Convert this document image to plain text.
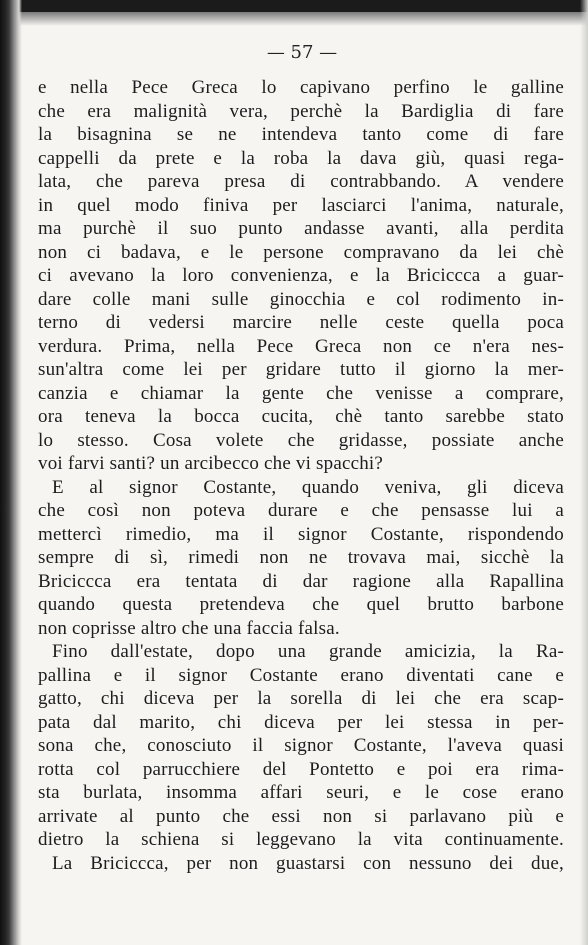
— 57 —
e nella Pece Greca lo capivano perfino le galline
che era malignità vera, perchè la Bardiglia di fare
la bisagnina se ne intendeva tanto come di fare
cappelli da prete e la roba la dava giù, quasi rega-
lata, che pareva presa di contrabbando. A vendere
in quel modo finiva per lasciarci l'anima, naturale,
ma purchè il suo punto andasse avanti, alla perdita
non ci badava, e le persone compravano da lei chè
ci avevano la loro convenienza, e la Briciccca a guar-
dare colle mani sulle ginocchia e col rodimento in-
terno di vedersi marcire nelle ceste quella poca
verdura. Prima, nella Pece Greca non ce n'era nes-
sun'altra come lei per gridare tutto il giorno la mer-
canzia e chiamar la gente che venisse a comprare,
ora teneva la bocca cucita, chè tanto sarebbe stato
lo stesso. Cosa volete che gridasse, possiate anche
voi farvi santi? un arcibecco che vi spacchi?
E al signor Costante, quando veniva, gli diceva
che così non poteva durare e che pensasse lui a
mettercì rimedio, ma il signor Costante, rispondendo
sempre di sì, rimedi non ne trovava mai, sicchè la
Briciccca era tentata di dar ragione alla Rapallina
quando questa pretendeva che quel brutto barbone
non coprisse altro che una faccia falsa.
Fino dall'estate, dopo una grande amicizia, la Ra-
pallina e il signor Costante erano diventati cane e
gatto, chi diceva per la sorella di lei che era scap-
pata dal marito, chi diceva per lei stessa in per-
sona che, conosciuto il signor Costante, l'aveva quasi
rotta col parrucchiere del Pontetto e poi era rima-
sta burlata, insomma affari seuri, e le cose erano
arrivate al punto che essi non si parlavano più e
dietro la schiena si leggevano la vita continuamente.
La Briciccca, per non guastarsi con nessuno dei due,
